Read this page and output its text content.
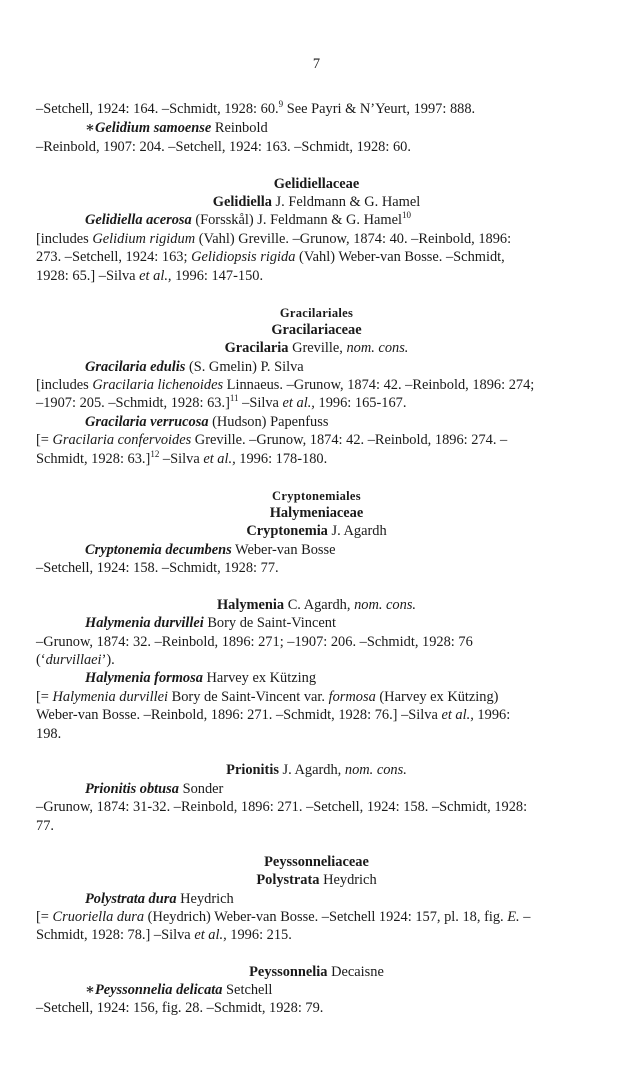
7
–Setchell, 1924: 164. –Schmidt, 1928: 60.$^9$ See Payri & N’Yeurt, 1997: 888.
∗Gelidium samoense Reinbold
–Reinbold, 1907: 204. –Setchell, 1924: 163. –Schmidt, 1928: 60.
Gelidiellaceae
Gelidiella J. Feldmann & G. Hamel
Gelidiella acerosa (Forsskål) J. Feldmann & G. Hamel$^{10}$
[includes Gelidium rigidum (Vahl) Greville. –Grunow, 1874: 40. –Reinbold, 1896:
273. –Setchell, 1924: 163; Gelidiopsis rigida (Vahl) Weber-van Bosse. –Schmidt,
1928: 65.] –Silva et al., 1996: 147-150.
Gracilariales
Gracilariaceae
Gracilaria Greville, nom. cons.
Gracilaria edulis (S. Gmelin) P. Silva
[includes Gracilaria lichenoides Linnaeus. –Grunow, 1874: 42. –Reinbold, 1896: 274;
–1907: 205. –Schmidt, 1928: 63.]$^{11}$ –Silva et al., 1996: 165-167.
Gracilaria verrucosa (Hudson) Papenfuss
[= Gracilaria confervoides Greville. –Grunow, 1874: 42. –Reinbold, 1896: 274. –
Schmidt, 1928: 63.]$^{12}$ –Silva et al., 1996: 178-180.
Cryptonemiales
Halymeniaceae
Cryptonemia J. Agardh
Cryptonemia decumbens Weber-van Bosse
–Setchell, 1924: 158. –Schmidt, 1928: 77.
Halymenia C. Agardh, nom. cons.
Halymenia durvillei Bory de Saint-Vincent
–Grunow, 1874: 32. –Reinbold, 1896: 271; –1907: 206. –Schmidt, 1928: 76
(‘durvillaei’).
Halymenia formosa Harvey ex Kützing
[= Halymenia durvillei Bory de Saint-Vincent var. formosa (Harvey ex Kützing)
Weber-van Bosse. –Reinbold, 1896: 271. –Schmidt, 1928: 76.] –Silva et al., 1996:
198.
Prionitis J. Agardh, nom. cons.
Prionitis obtusa Sonder
–Grunow, 1874: 31-32. –Reinbold, 1896: 271. –Setchell, 1924: 158. –Schmidt, 1928:
77.
Peyssonneliaceae
Polystrata Heydrich
Polystrata dura Heydrich
[= Cruoriella dura (Heydrich) Weber-van Bosse. –Setchell 1924: 157, pl. 18, fig. E. –
Schmidt, 1928: 78.] –Silva et al., 1996: 215.
Peyssonnelia Decaisne
∗Peyssonnelia delicata Setchell
–Setchell, 1924: 156, fig. 28. –Schmidt, 1928: 79.
